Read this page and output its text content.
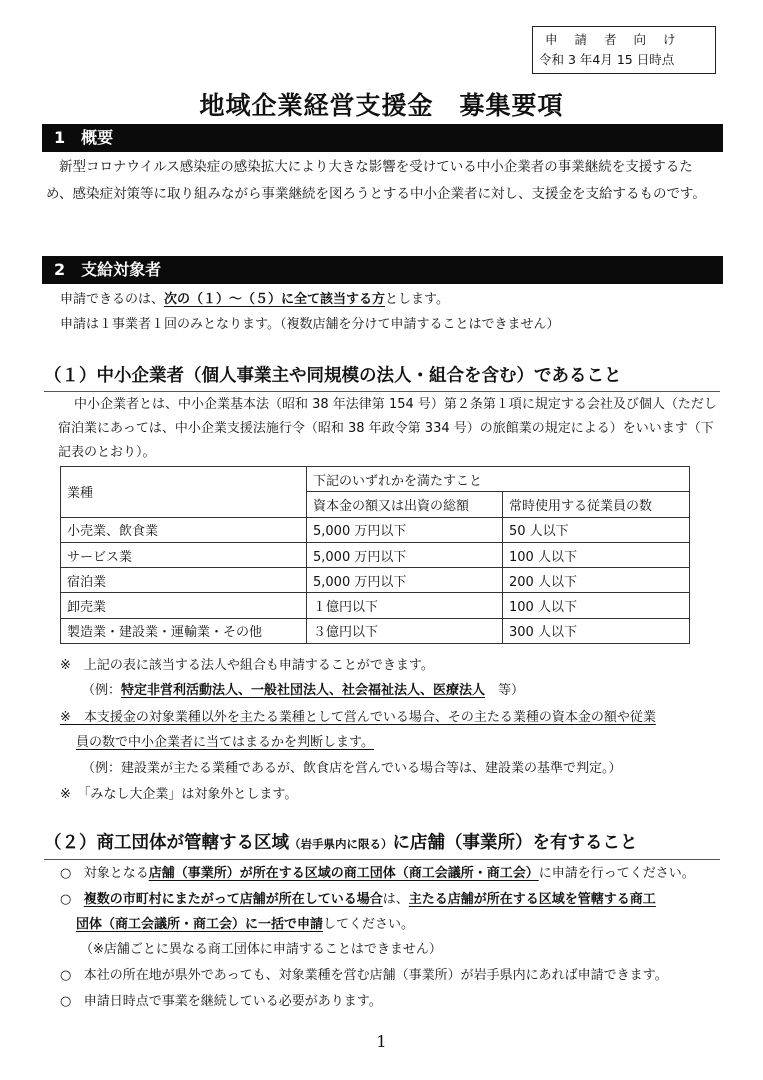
申請者向け
令和 3 年4月 15 日時点
地域企業経営支援金　募集要項
1　概要
新型コロナウイルス感染症の感染拡大により大きな影響を受けている中小企業者の事業継続を支援するため、感染症対策等に取り組みながら事業継続を図ろうとする中小企業者に対し、支援金を支給するものです。
2　支給対象者
申請できるのは、次の（１）～（５）に全て該当する方とします。
申請は１事業者１回のみとなります。（複数店舗を分けて申請することはできません）
（１）中小企業者（個人事業主や同規模の法人・組合を含む）であること
中小企業者とは、中小企業基本法（昭和 38 年法律第 154 号）第２条第１項に規定する会社及び個人（ただし宿泊業にあっては、中小企業支援法施行令（昭和 38 年政令第 334 号）の旅館業の規定による）をいいます（下記表のとおり）。
業種	下記のいずれかを満たすこと	
	資本金の額又は出資の総額	常時使用する従業員の数
小売業、飲食業	5,000 万円以下	50 人以下
サービス業	5,000 万円以下	100 人以下
宿泊業	5,000 万円以下	200 人以下
卸売業	１億円以下	100 人以下
製造業・建設業・運輸業・その他	３億円以下	300 人以下
※　上記の表に該当する法人や組合も申請することができます。
（例：特定非営利活動法人、一般社団法人、社会福祉法人、医療法人　等）
※　本支援金の対象業種以外を主たる業種として営んでいる場合、その主たる業種の資本金の額や従業
員の数で中小企業者に当てはまるかを判断します。
（例：建設業が主たる業種であるが、飲食店を営んでいる場合等は、建設業の基準で判定。）
※　「みなし大企業」は対象外とします。
（２）商工団体が管轄する区域（岩手県内に限る）に店舗（事業所）を有すること
○ 対象となる店舗（事業所）が所在する区域の商工団体（商工会議所・商工会）に申請を行ってください。
○ 複数の市町村にまたがって店舗が所在している場合は、主たる店舗が所在する区域を管轄する商工
団体（商工会議所・商工会）に一括で申請してください。
（※店舗ごとに異なる商工団体に申請することはできません）
○ 本社の所在地が県外であっても、対象業種を営む店舗（事業所）が岩手県内にあれば申請できます。
○ 申請日時点で事業を継続している必要があります。
1
